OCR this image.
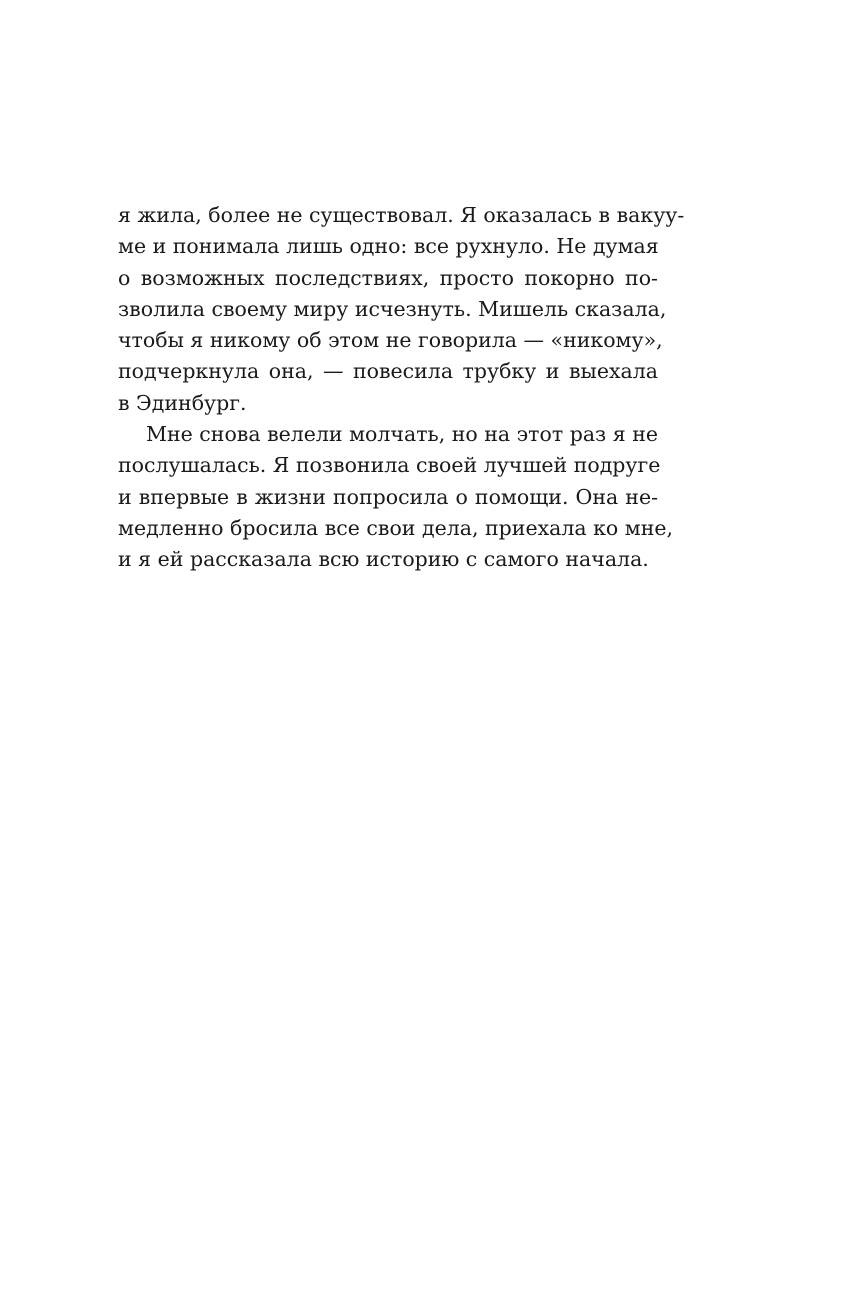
я жила, более не существовал. Я оказалась в вакуу-
ме и понимала лишь одно: все рухнуло. Не думая
о возможных последствиях, просто покорно по-
зволила своему миру исчезнуть. Мишель сказала,
чтобы я никому об этом не говорила — «никому»,
подчеркнула она, — повесила трубку и выехала
в Эдинбург.

Мне снова велели молчать, но на этот раз я не
послушалась. Я позвонила своей лучшей подруге
и впервые в жизни попросила о помощи. Она не-
медленно бросила все свои дела, приехала ко мне,
и я ей рассказала всю историю с самого начала.
